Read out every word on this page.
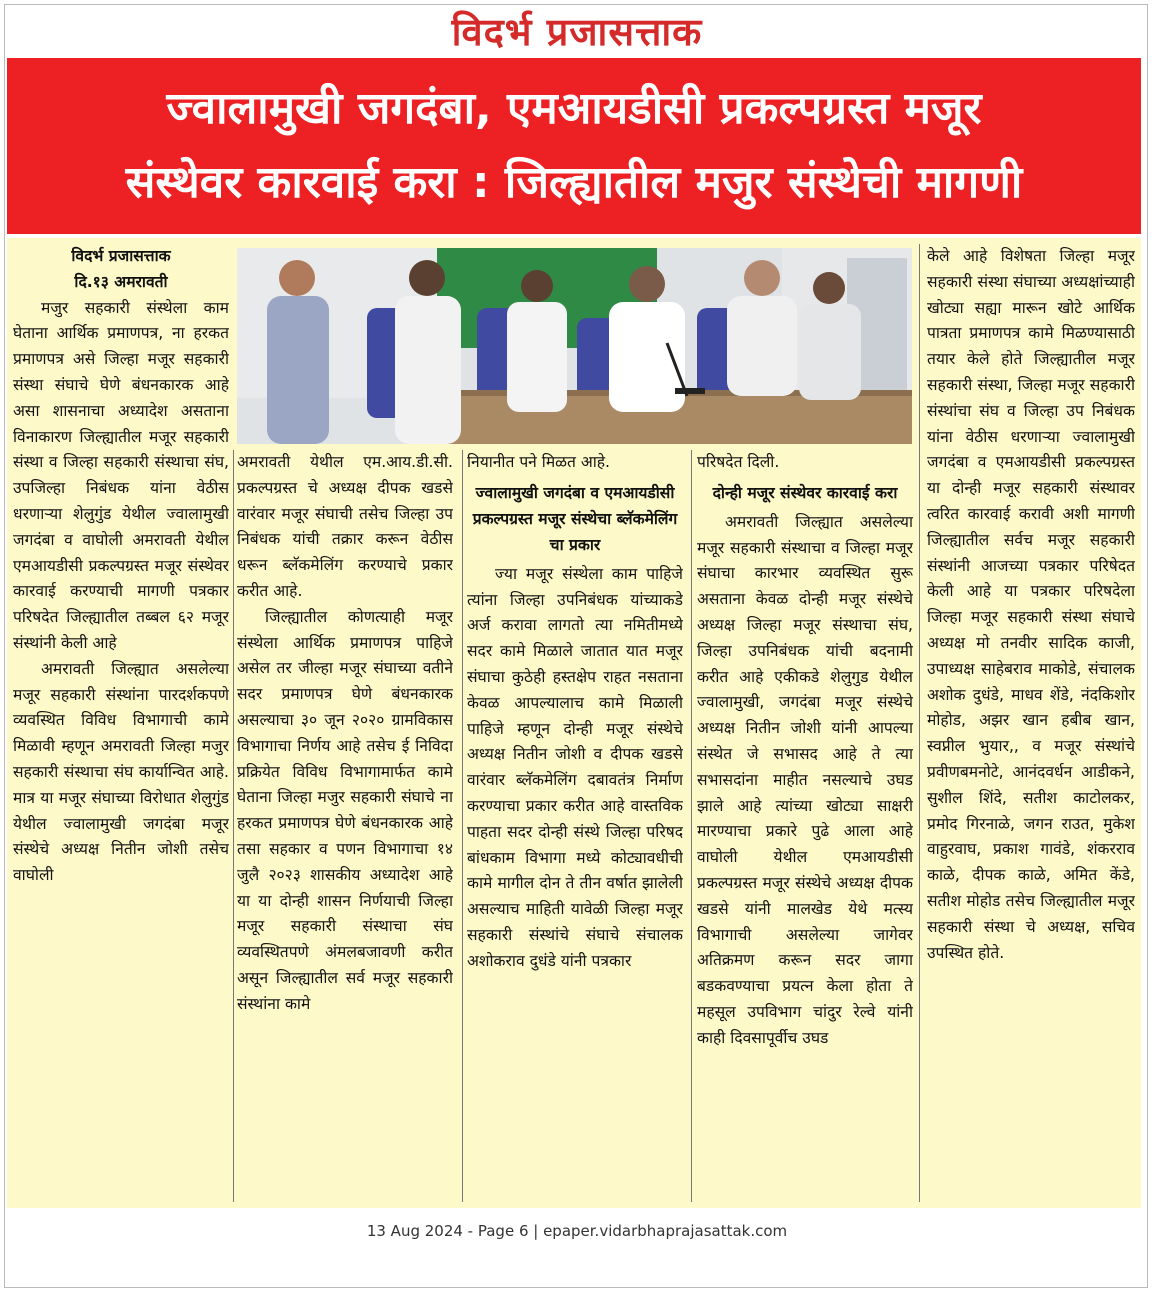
विदर्भ प्रजासत्ताक
ज्वालामुखी जगदंबा, एमआयडीसी प्रकल्पग्रस्त मजूर
संस्थेवर कारवाई करा : जिल्ह्यातील मजुर संस्थेची मागणी

विदर्भ प्रजासत्ताक

दि.१३ अमरावती

मजुर सहकारी संस्थेला काम घेताना आर्थिक प्रमाणपत्र, ना हरकत प्रमाणपत्र असे जिल्हा मजूर सहकारी संस्था संघाचे घेणे बंधनकारक आहे असा शासनाचा अध्यादेश असताना विनाकारण जिल्ह्यातील मजूर सहकारी संस्था व जिल्हा सहकारी संस्थाचा संघ, उपजिल्हा निबंधक यांना वेठीस धरणाऱ्या शेलुगुंड येथील ज्वालामुखी जगदंबा व वाघोली अमरावती येथील एमआयडीसी प्रकल्पग्रस्त मजूर संस्थेवर कारवाई करण्याची मागणी पत्रकार परिषदेत जिल्ह्यातील तब्बल ६२ मजूर संस्थांनी केली आहे

अमरावती जिल्ह्यात असलेल्या मजूर सहकारी संस्थांना पारदर्शकपणे व्यवस्थित विविध विभागाची कामे मिळावी म्हणून अमरावती जिल्हा मजुर सहकारी संस्थाचा संघ कार्यान्वित आहे. मात्र या मजूर संघाच्या विरोधात शेलुगुंड येथील ज्वालामुखी जगदंबा मजूर संस्थेचे अध्यक्ष नितीन जोशी तसेच वाघोली

अमरावती येथील एम.आय.डी.सी. प्रकल्पग्रस्त चे अध्यक्ष दीपक खडसे वारंवार मजूर संघाची तसेच जिल्हा उप निबंधक यांची तक्रार करून वेठीस धरून ब्लॅकमेलिंग करण्याचे प्रकार करीत आहे.

जिल्ह्यातील कोणत्याही मजूर संस्थेला आर्थिक प्रमाणपत्र पाहिजे असेल तर जील्हा मजूर संघाच्या वतीने सदर प्रमाणपत्र घेणे बंधनकारक असल्याचा ३० जून २०२० ग्रामविकास विभागाचा निर्णय आहे तसेच ई निविदा प्रक्रियेत विविध विभागामार्फत कामे घेताना जिल्हा मजुर सहकारी संघाचे ना हरकत प्रमाणपत्र घेणे बंधनकारक आहे तसा सहकार व पणन विभागाचा १४ जुलै २०२३ शासकीय अध्यादेश आहे या या दोन्ही शासन निर्णयाची जिल्हा मजूर सहकारी संस्थाचा संघ व्यवस्थितपणे अंमलबजावणी करीत असून जिल्ह्यातील सर्व मजूर सहकारी संस्थांना कामे

नियानीत पने मिळत आहे.

ज्वालामुखी जगदंबा व एमआयडीसी प्रकल्पग्रस्त मजूर संस्थेचा ब्लॅकमेलिंग चा प्रकार

ज्या मजूर संस्थेला काम पाहिजे त्यांना जिल्हा उपनिबंधक यांच्याकडे अर्ज करावा लागतो त्या नमितीमध्ये सदर कामे मिळाले जातात यात मजूर संघाचा कुठेही हस्तक्षेप राहत नसताना केवळ आपल्यालाच कामे मिळाली पाहिजे म्हणून दोन्ही मजूर संस्थेचे अध्यक्ष नितीन जोशी व दीपक खडसे वारंवार ब्लॅकमेलिंग दबावतंत्र निर्माण करण्याचा प्रकार करीत आहे वास्तविक पाहता सदर दोन्ही संस्थे जिल्हा परिषद बांधकाम विभागा मध्ये कोट्यावधीची कामे मागील दोन ते तीन वर्षात झालेली असल्याच माहिती यावेळी जिल्हा मजूर सहकारी संस्थांचे संघाचे संचालक अशोकराव दुधंडे यांनी पत्रकार

परिषदेत दिली.

दोन्ही मजूर संस्थेवर कारवाई करा

अमरावती जिल्ह्यात असलेल्या मजूर सहकारी संस्थाचा व जिल्हा मजूर संघाचा कारभार व्यवस्थित सुरू असताना केवळ दोन्ही मजूर संस्थेचे अध्यक्ष जिल्हा मजूर संस्थाचा संघ, जिल्हा उपनिबंधक यांची बदनामी करीत आहे एकीकडे शेलुगुड येथील ज्वालामुखी, जगदंबा मजूर संस्थेचे अध्यक्ष नितीन जोशी यांनी आपल्या संस्थेत जे सभासद आहे ते त्या सभासदांना माहीत नसल्याचे उघड झाले आहे त्यांच्या खोट्या साक्षरी मारण्याचा प्रकारे पुढे आला आहे वाघोली येथील एमआयडीसी प्रकल्पग्रस्त मजूर संस्थेचे अध्यक्ष दीपक खडसे यांनी मालखेड येथे मत्स्य विभागाची असलेल्या जागेवर अतिक्रमण करून सदर जागा बडकवण्याचा प्रयत्न केला होता ते महसूल उपविभाग चांदुर रेल्वे यांनी काही दिवसापूर्वीच उघड

केले आहे विशेषता जिल्हा मजूर सहकारी संस्था संघाच्या अध्यक्षांच्याही खोट्या सह्या मारून खोटे आर्थिक पात्रता प्रमाणपत्र कामे मिळण्यासाठी तयार केले होते जिल्ह्यातील मजूर सहकारी संस्था, जिल्हा मजूर सहकारी संस्थांचा संघ व जिल्हा उप निबंधक यांना वेठीस धरणाऱ्या ज्वालामुखी जगदंबा व एमआयडीसी प्रकल्पग्रस्त या दोन्ही मजूर सहकारी संस्थावर त्वरित कारवाई करावी अशी मागणी जिल्ह्यातील सर्वच मजूर सहकारी संस्थांनी आजच्या पत्रकार परिषेदत केली आहे या पत्रकार परिषदेला जिल्हा मजूर सहकारी संस्था संघाचे अध्यक्ष मो तनवीर सादिक काजी, उपाध्यक्ष साहेबराव माकोडे, संचालक अशोक दुधंडे, माधव शेंडे, नंदकिशोर मोहोड, अझर खान हबीब खान, स्वप्नील भुयार,, व मजूर संस्थांचे प्रवीणबमनोटे, आनंदवर्धन आडीकने, सुशील शिंदे, सतीश काटोलकर, प्रमोद गिरनाळे, जगन राउत, मुकेश वाहुरवाघ, प्रकाश गावंडे, शंकरराव काळे, दीपक काळे, अमित केंडे, सतीश मोहोड तसेच जिल्ह्यातील मजूर सहकारी संस्था चे अध्यक्ष, सचिव उपस्थित होते.

13 Aug 2024 - Page 6 | epaper.vidarbhaprajasattak.com
